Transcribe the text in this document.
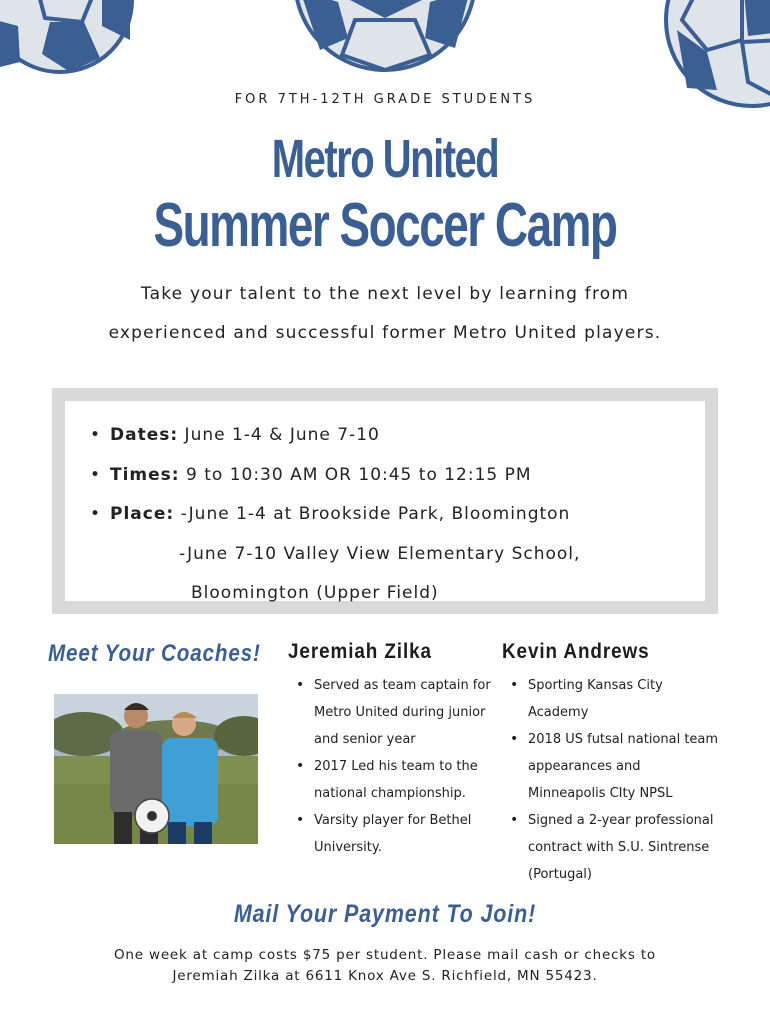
FOR 7TH-12TH GRADE STUDENTS
Metro United
Summer Soccer Camp
Take your talent to the next level by learning from
experienced and successful former Metro United players.
• Dates: June 1-4 & June 7-10
• Times: 9 to 10:30 AM OR 10:45 to 12:15 PM
• Place: -June 1-4 at Brookside Park, Bloomington
-June 7-10 Valley View Elementary School,
Bloomington (Upper Field)
Meet Your Coaches! Jeremiah Zilka
• Served as team captain for
Metro United during junior
and senior year
• 2017 Led his team to the
national championship.
• Varsity player for Bethel
University.
Kevin Andrews
• Sporting Kansas City
Academy
• 2018 US futsal national team
appearances and
Minneapolis CIty NPSL
• Signed a 2-year professional
contract with S.U. Sintrense
(Portugal)
Mail Your Payment To Join!
One week at camp costs $75 per student. Please mail cash or checks to
Jeremiah Zilka at 6611 Knox Ave S. Richfield, MN 55423.
